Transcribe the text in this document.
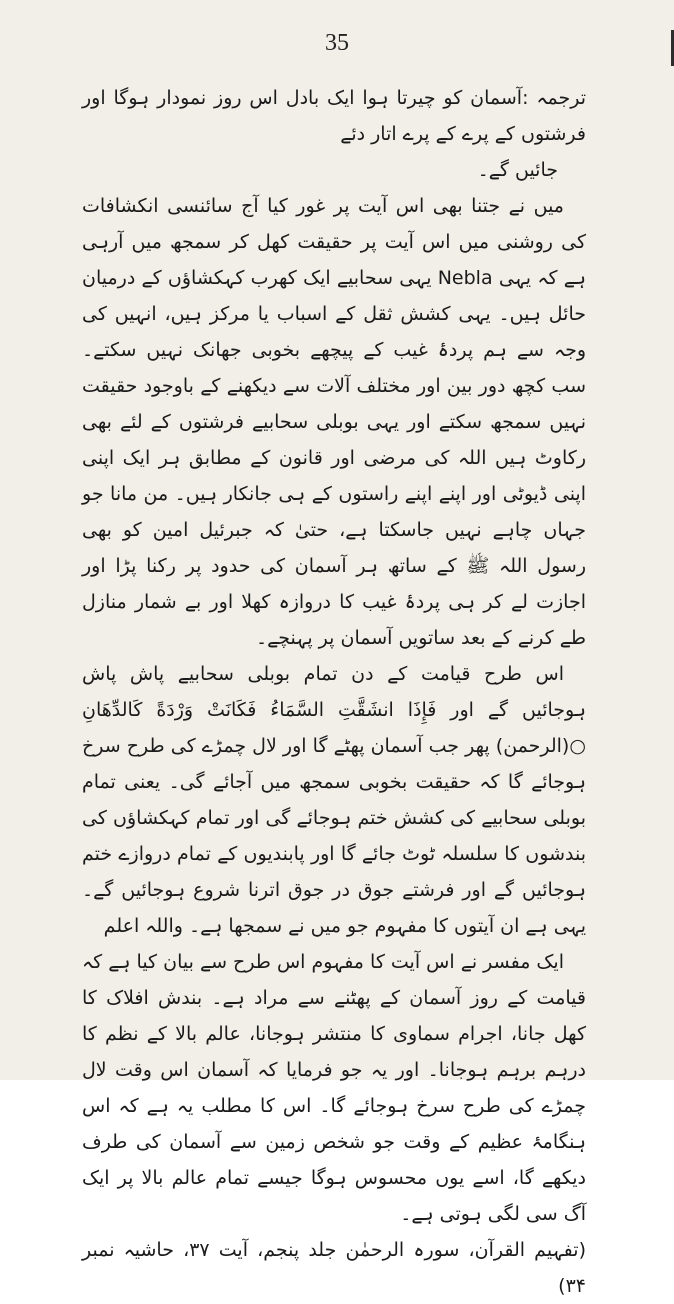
35

ترجمہ :آسمان کو چیرتا ہوا ایک بادل اس روز نمودار ہوگا اور فرشتوں کے پرے کے پرے اتار دئے

جائیں گے۔

میں نے جتنا بھی اس آیت پر غور کیا آج سائنسی انکشافات کی روشنی میں اس آیت پر حقیقت کھل کر سمجھ میں آرہی ہے کہ یہی Nebla یہی سحابیے ایک کھرب کہکشاؤں کے درمیان حائل ہیں۔ یہی کشش ثقل کے اسباب یا مرکز ہیں، انہیں کی وجہ سے ہم پردۂ غیب کے پیچھے بخوبی جھانک نہیں سکتے۔ سب کچھ دور بین اور مختلف آلات سے دیکھنے کے باوجود حقیقت نہیں سمجھ سکتے اور یہی بوبلی سحابیے فرشتوں کے لئے بھی رکاوٹ ہیں اللہ کی مرضی اور قانون کے مطابق ہر ایک اپنی اپنی ڈیوٹی اور اپنے اپنے راستوں کے ہی جانکار ہیں۔ من مانا جو جہاں چاہے نہیں جاسکتا ہے، حتیٰ کہ جبرئیل امین کو بھی رسول اللہ ﷺ کے ساتھ ہر آسمان کی حدود پر رکنا پڑا اور اجازت لے کر ہی پردۂ غیب کا دروازہ کھلا اور بے شمار منازل طے کرنے کے بعد ساتویں آسمان پر پہنچے۔

اس طرح قیامت کے دن تمام بوبلی سحابیے پاش پاش ہوجائیں گے اور فَإِذَا انشَقَّتِ السَّمَاءُ فَكَانَتْ وَرْدَةً كَالدِّهَانِ ○(الرحمن) پھر جب آسمان پھٹے گا اور لال چمڑے کی طرح سرخ ہوجائے گا کہ حقیقت بخوبی سمجھ میں آجائے گی۔ یعنی تمام بوبلی سحابیے کی کشش ختم ہوجائے گی اور تمام کہکشاؤں کی بندشوں کا سلسلہ ٹوٹ جائے گا اور پابندیوں کے تمام دروازے ختم ہوجائیں گے اور فرشتے جوق در جوق اترنا شروع ہوجائیں گے۔ یہی ہے ان آیتوں کا مفہوم جو میں نے سمجھا ہے۔ واللہ اعلم

ایک مفسر نے اس آیت کا مفہوم اس طرح سے بیان کیا ہے کہ قیامت کے روز آسمان کے پھٹنے سے مراد ہے۔ بندش افلاک کا کھل جانا، اجرام سماوی کا منتشر ہوجانا، عالم بالا کے نظم کا درہم برہم ہوجانا۔ اور یہ جو فرمایا کہ آسمان اس وقت لال چمڑے کی طرح سرخ ہوجائے گا۔ اس کا مطلب یہ ہے کہ اس ہنگامۂ عظیم کے وقت جو شخص زمین سے آسمان کی طرف دیکھے گا، اسے یوں محسوس ہوگا جیسے تمام عالم بالا پر ایک آگ سی لگی ہوتی ہے۔

(تفہیم القرآن، سورہ الرحمٰن جلد پنجم، آیت ۳۷، حاشیہ نمبر ۳۴)
